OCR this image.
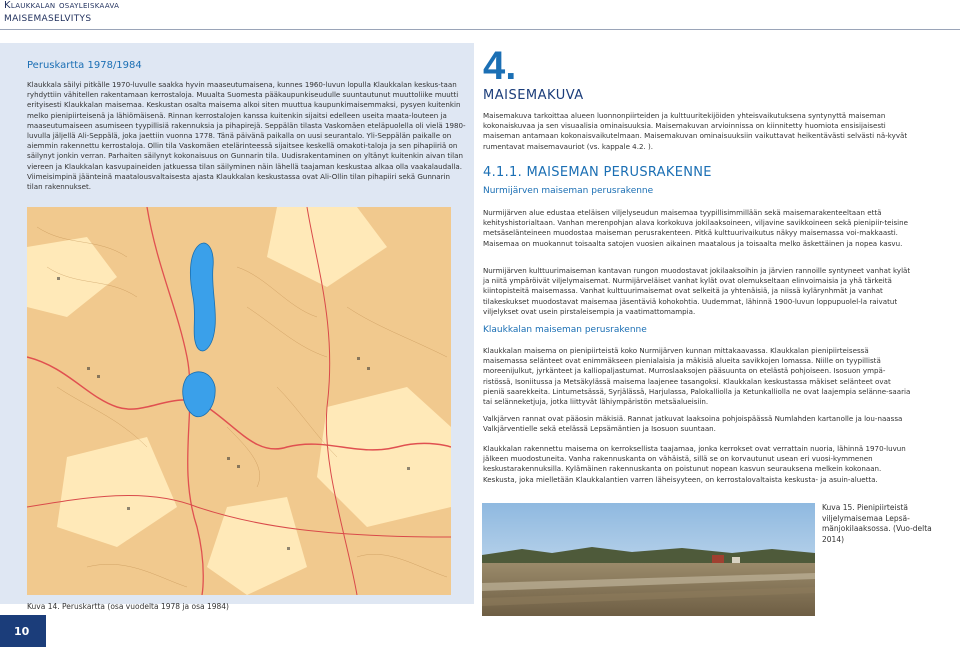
Klaukkalan osayleiskaava
MAISEMASELVITYS
Peruskartta 1978/1984

Klaukkala säilyi pitkälle 1970-luvulle saakka hyvin maaseutumaisena, kunnes 1960-luvun lopulla Klaukkalan keskus-taan ryhdyttiin vähitellen rakentamaan kerrostaloja. Muualta Suomesta pääkaupunkiseudulle suuntautunut muuttoliike muutti erityisesti Klaukkalan maisemaa. Keskustan osalta maisema alkoi siten muuttua kaupunkimaisemmaksi, pysyen kuitenkin melko pienipiirteisenä ja lähiömäisenä. Rinnan kerrostalojen kanssa kuitenkin sijaitsi edelleen useita maata-louteen ja maaseutumaiseen asumiseen tyypillisiä rakennuksia ja pihapirejä. Seppälän tilasta Vaskomäen eteläpuolella oli vielä 1980-luvulla jäljellä Ali-Seppälä, joka jaettiin vuonna 1778. Tänä päivänä paikalla on uusi seurantalo. Yli-Seppälän paikalle on aiemmin rakennettu kerrostaloja. Ollin tila Vaskomäen etelärinteessä sijaitsee keskellä omakoti-taloja ja sen pihapiiriä on säilynyt jonkin verran. Parhaiten säilynyt kokonaisuus on Gunnarin tila. Uudisrakentaminen on yltänyt kuitenkin aivan tilan viereen ja Klaukkalan kasvupaineiden jatkuessa tilan säilyminen näin lähellä taajaman keskustaa alkaa olla vaakalaudalla. Viimeisimpinä jäänteinä maatalousvaltaisesta ajasta Klaukkalan keskustassa ovat Ali-Ollin tilan pihapiiri sekä Gunnarin tilan rakennukset.

Kuva 14. Peruskartta (osa vuodelta 1978 ja osa 1984)
10
4.
MAISEMAKUVA
Maisemakuva tarkoittaa alueen luonnonpiirteiden ja kulttuuritekijöiden yhteisvaikutuksena syntynyttä maiseman kokonaiskuvaa ja sen visuaalisia ominaisuuksia. Maisemakuvan arvioinnissa on kiinnitetty huomiota ensisijaisesti maiseman antamaan kokonaisvaikutelmaan. Maisemakuvan ominaisuuksiin vaikuttavat heikentävästi selvästi nä-kyvät rumentavat maisemavauriot (vs. kappale 4.2. ).
4.1.1. MAISEMAN PERUSRAKENNE
Nurmijärven maiseman perusrakenne
Nurmijärven alue edustaa eteläisen viljelyseudun maisemaa tyypillisimmillään sekä maisemarakenteeltaan että kehityshistorialtaan. Vanhan merenpohjan alava korkokuva jokilaaksoineen, viljavine savikkoineen sekä pienipiir-teisine metsäselänteineen muodostaa maiseman perusrakenteen. Pitkä kulttuurivaikutus näkyy maisemassa voi-makkaasti. Maisemaa on muokannut toisaalta satojen vuosien aikainen maatalous ja toisaalta melko äskettäinen ja nopea kasvu.
Nurmijärven kulttuurimaiseman kantavan rungon muodostavat jokilaaksoihin ja järvien rannoille syntyneet vanhat kylät ja niitä ympäröivät viljelymaisemat. Nurmijärveläiset vanhat kylät ovat olemukseltaan elinvoimaisia ja yhä tärkeitä kiintopisteitä maisemassa. Vanhat kulttuurimaisemat ovat selkeitä ja yhtenäisiä, ja niissä kylärynhmät ja vanhat tilakeskukset muodostavat maisemaa jäsentäviä kohokohtia. Uudemmat, lähinnä 1900-luvun loppupuolel-la raivatut viljelykset ovat usein pirstaleisempia ja vaatimattomampia.
Klaukkalan maiseman perusrakenne
Klaukkalan maisema on pienipiirteistä koko Nurmijärven kunnan mittakaavassa. Klaukkalan pienipiirteisessä maisemassa selänteet ovat enimmäkseen pienialaisia ja mäkisiä alueita savikkojen lomassa. Niille on tyypillistä moreenijulkut, jyrkänteet ja kalliopaljastumat. Murroslaaksojen pääsuunta on etelästä pohjoiseen. Isosuon ympä-ristössä, Isoniitussa ja Metsäkylässä maisema laajenee tasangoksi. Klaukkalan keskustassa mäkiset selänteet ovat pieniä saarekkeita. Lintumetsässä, Syrjälässä, Harjulassa, Palokalliolla ja Ketunkalliolla ne ovat laajempia selänne-saaria tai selänneketjuja, jotka liittyvät lähiympäristön metsäalueisiin.
Valkjärven rannat ovat pääosin mäkisiä. Rannat jatkuvat laaksoina pohjoispäässä Numlahden kartanolle ja lou-naassa Valkjärventielle sekä etelässä Lepsämäntien ja Isosuon suuntaan.
Klaukkalan rakennettu maisema on kerroksellista taajamaa, jonka kerrokset ovat verrattain nuoria, lähinnä 1970-luvun jälkeen muodostuneita. Vanha rakennuskanta on vähäistä, sillä se on korvautunut usean eri vuosi-kymmenen keskustarakennuksilla. Kylämäinen rakennuskanta on poistunut nopean kasvun seurauksena melkein kokonaan. Keskusta, joka mielletään Klaukkalantien varren läheisyyteen, on kerrostalovaltaista keskusta- ja asuin-aluetta.
Kuva 15. Pienipiirteistä viljelymaisemaa Lepsä-mänjokilaaksossa. (Vuo-delta 2014)
